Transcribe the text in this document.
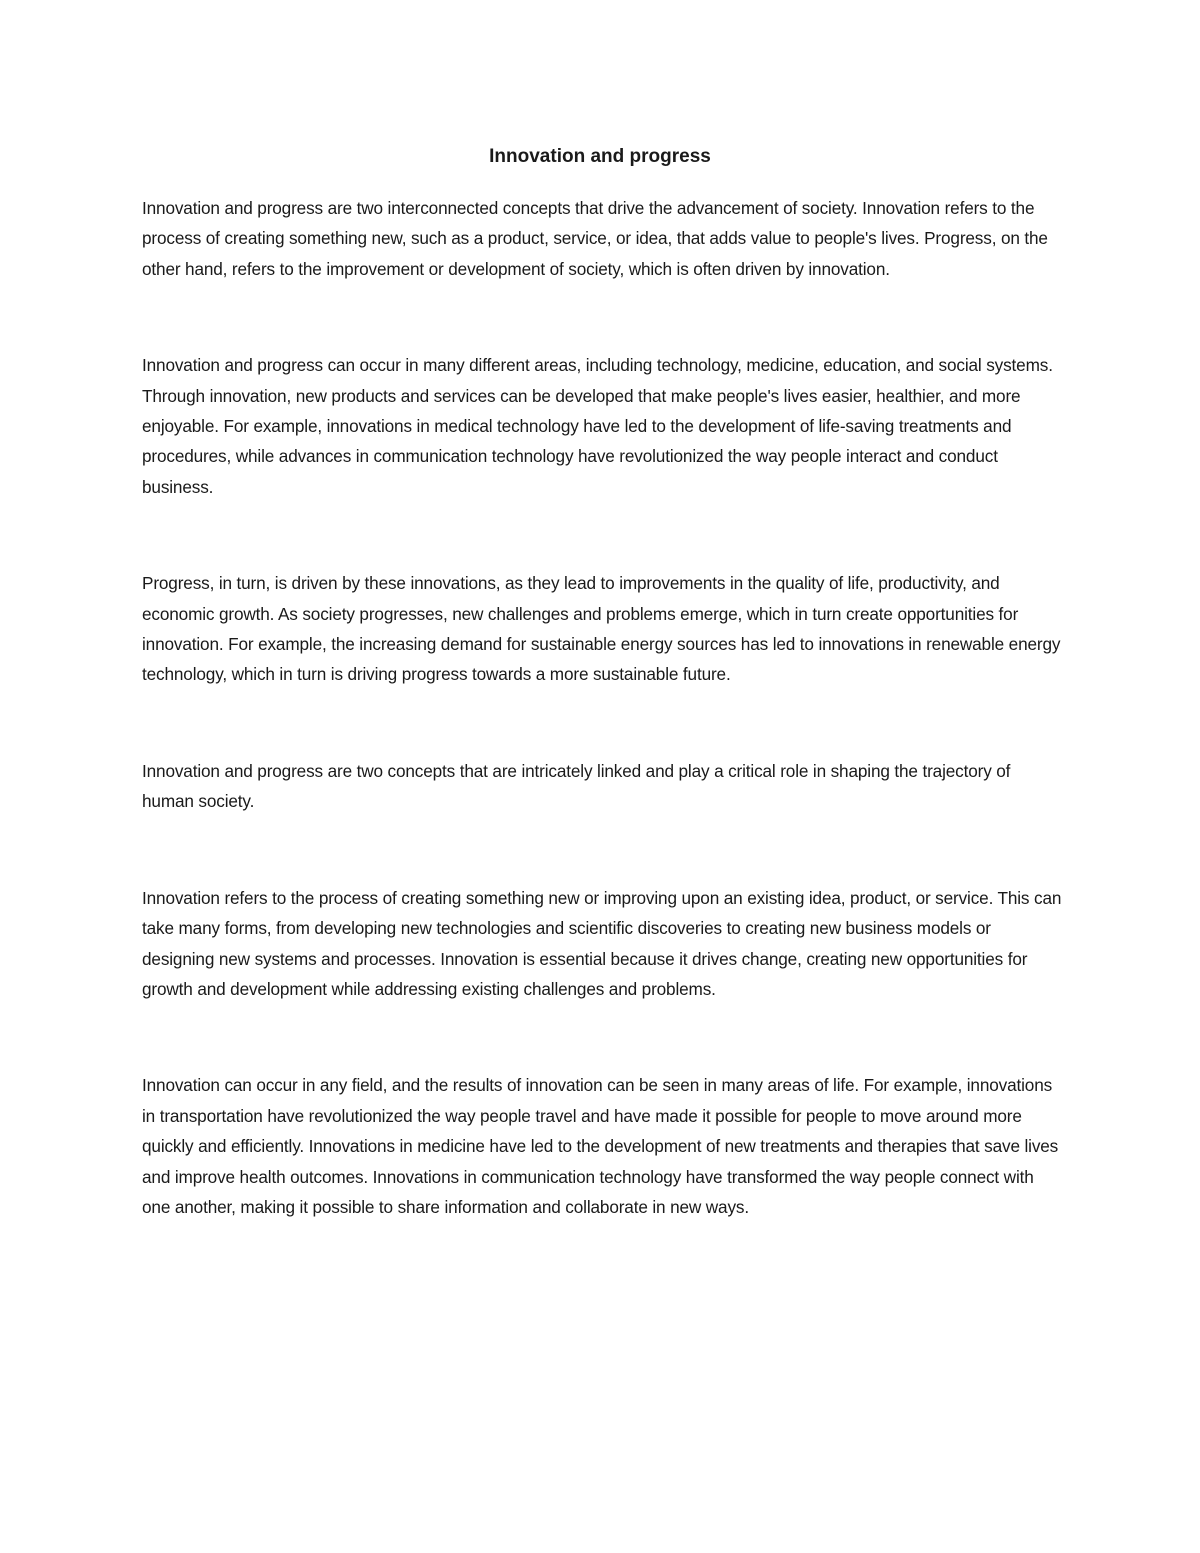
Innovation and progress

Innovation and progress are two interconnected concepts that drive the advancement of society. Innovation refers to the process of creating something new, such as a product, service, or idea, that adds value to people's lives. Progress, on the other hand, refers to the improvement or development of society, which is often driven by innovation.

Innovation and progress can occur in many different areas, including technology, medicine, education, and social systems. Through innovation, new products and services can be developed that make people's lives easier, healthier, and more enjoyable. For example, innovations in medical technology have led to the development of life-saving treatments and procedures, while advances in communication technology have revolutionized the way people interact and conduct business.

Progress, in turn, is driven by these innovations, as they lead to improvements in the quality of life, productivity, and economic growth. As society progresses, new challenges and problems emerge, which in turn create opportunities for innovation. For example, the increasing demand for sustainable energy sources has led to innovations in renewable energy technology, which in turn is driving progress towards a more sustainable future.

Innovation and progress are two concepts that are intricately linked and play a critical role in shaping the trajectory of human society.

Innovation refers to the process of creating something new or improving upon an existing idea, product, or service. This can take many forms, from developing new technologies and scientific discoveries to creating new business models or designing new systems and processes. Innovation is essential because it drives change, creating new opportunities for growth and development while addressing existing challenges and problems.

Innovation can occur in any field, and the results of innovation can be seen in many areas of life. For example, innovations in transportation have revolutionized the way people travel and have made it possible for people to move around more quickly and efficiently. Innovations in medicine have led to the development of new treatments and therapies that save lives and improve health outcomes. Innovations in communication technology have transformed the way people connect with one another, making it possible to share information and collaborate in new ways.
